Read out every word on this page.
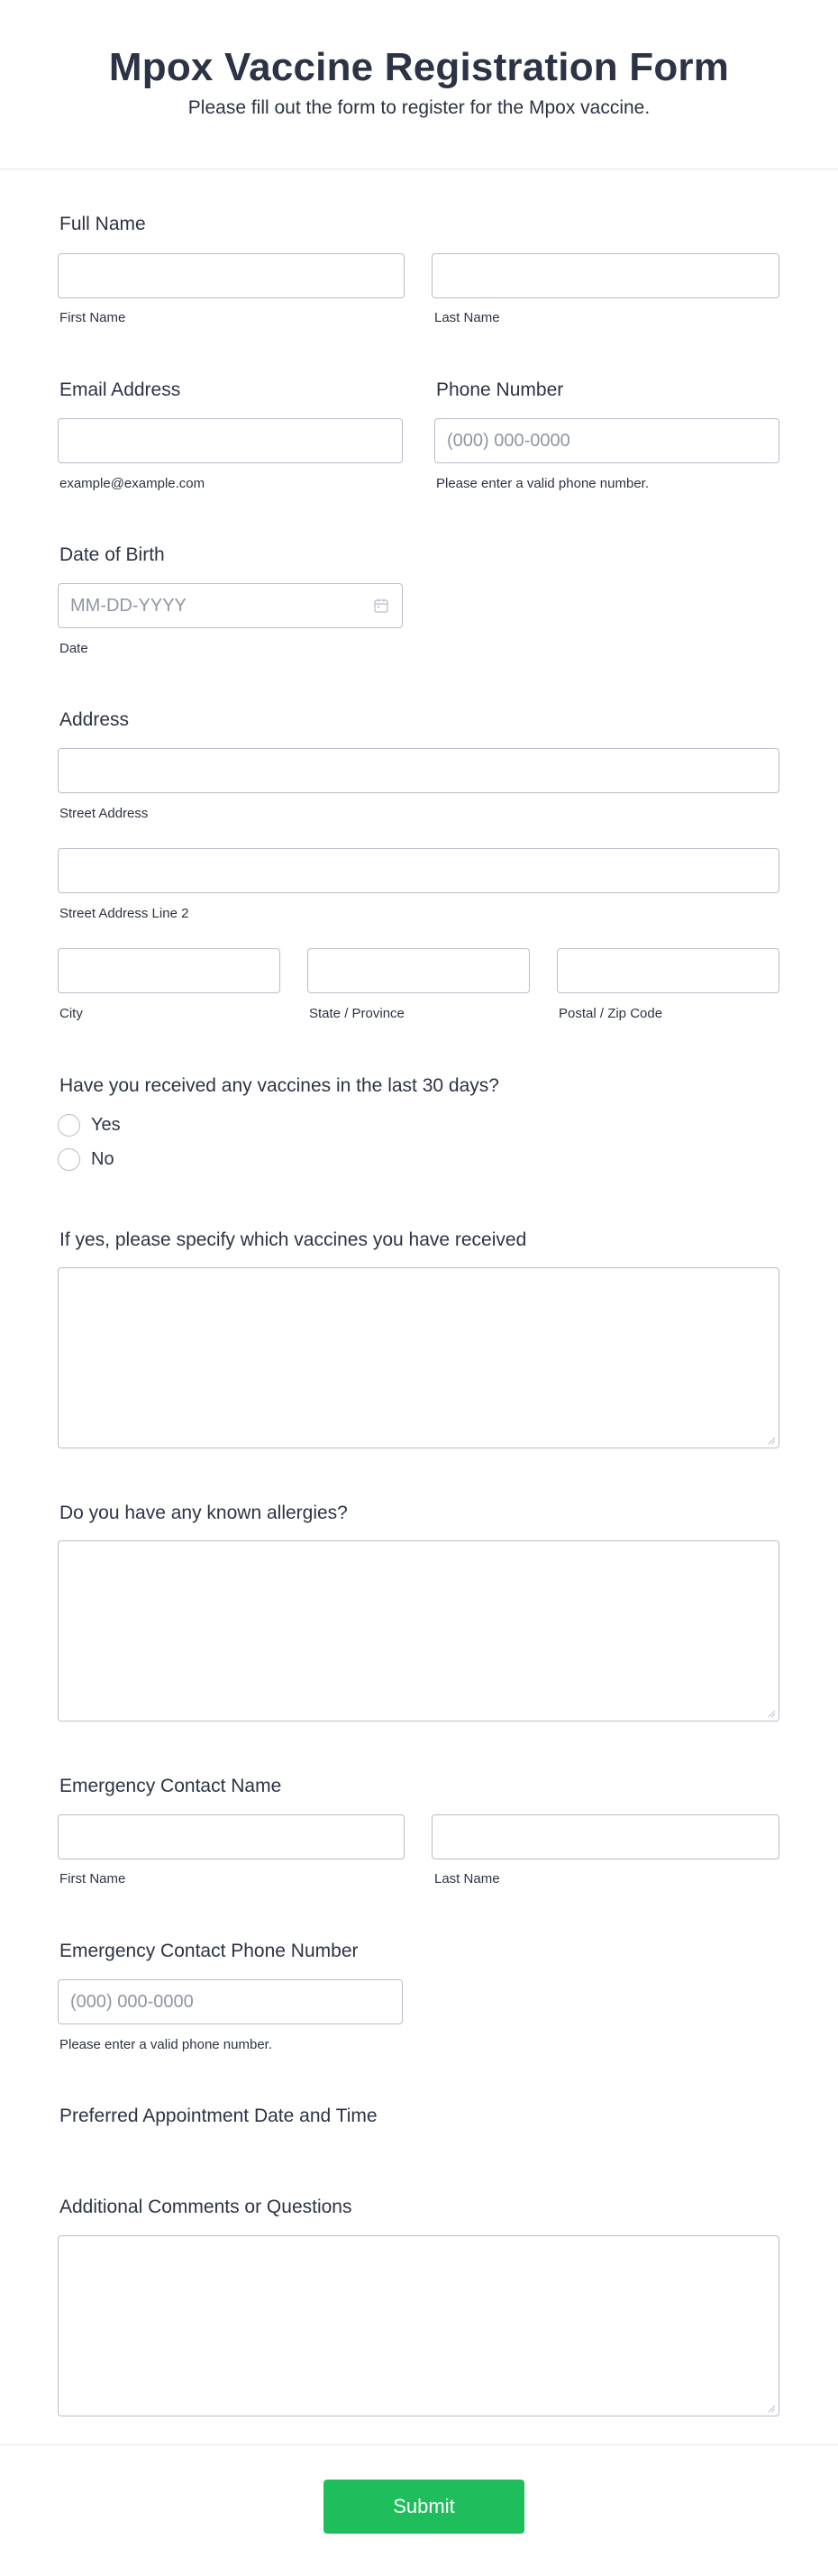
Mpox Vaccine Registration Form
Please fill out the form to register for the Mpox vaccine.
Full Name
First Name	Last Name
Email Address	Phone Number
(000) 000-0000
example@example.com	Please enter a valid phone number.
Date of Birth
MM-DD-YYYY
Date
Address
Street Address
Street Address Line 2
City	State / Province	Postal / Zip Code
Have you received any vaccines in the last 30 days?
Yes
No
If yes, please specify which vaccines you have received
Do you have any known allergies?
Emergency Contact Name
First Name	Last Name
Emergency Contact Phone Number
(000) 000-0000
Please enter a valid phone number.
Preferred Appointment Date and Time
Additional Comments or Questions
Submit
